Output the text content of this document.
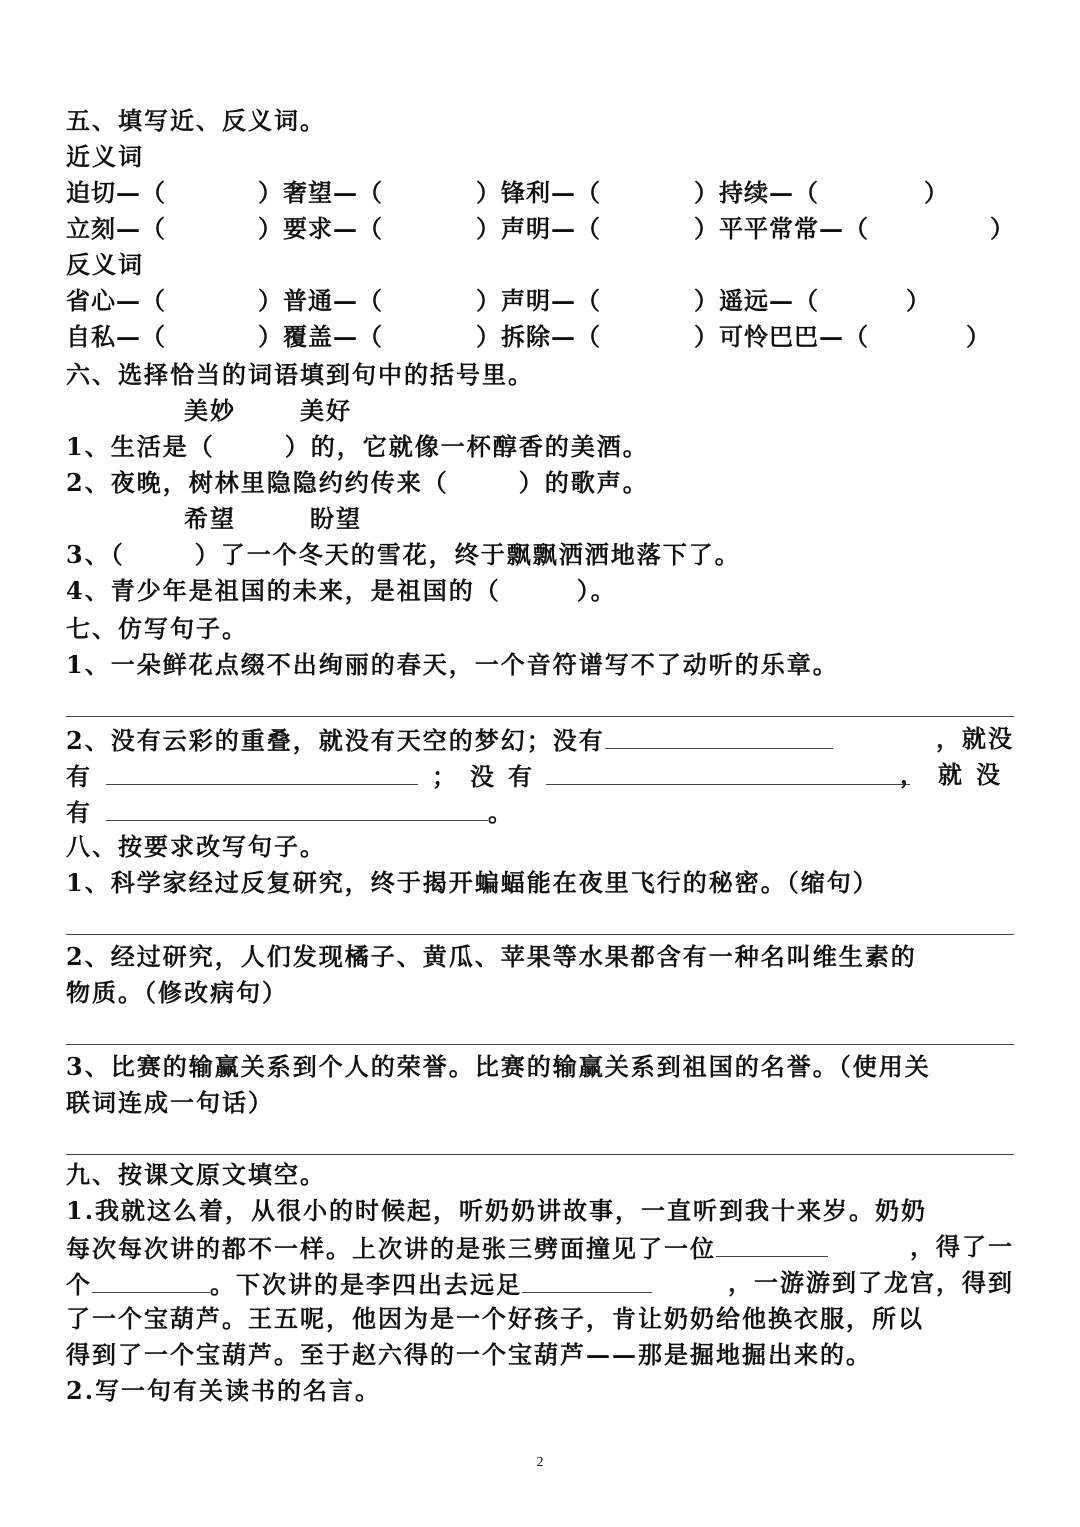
五、填写近、反义词。
近义词
迫切—（	）奢望—（	）锋利—（	）持续—（	）
立刻—（	）要求—（	）声明—（	）平平常常—（	）
反义词
省心—（	）普通—（	）声明—（	）遥远—（	）
自私—（	）覆盖—（	）拆除—（	）可怜巴巴—（	）
六、选择恰当的词语填到句中的括号里。
美妙	美好
1、生活是（	）的，它就像一杯醇香的美酒。
2、夜晚，树林里隐隐约约传来（	）的歌声。
希望	盼望
3、（	）了一个冬天的雪花，终于飘飘洒洒地落下了。
4、青少年是祖国的未来，是祖国的（	）。
七、仿写句子。
1、一朵鲜花点缀不出绚丽的春天，一个音符谱写不了动听的乐章。
2、没有云彩的重叠，就没有天空的梦幻；没有	，就没
有	；没有	，就没
有	。
八、按要求改写句子。
1、科学家经过反复研究，终于揭开蝙蝠能在夜里飞行的秘密。（缩句）
2、经过研究，人们发现橘子、黄瓜、苹果等水果都含有一种名叫维生素的
物质。（修改病句）
3、比赛的输赢关系到个人的荣誉。比赛的输赢关系到祖国的名誉。（使用关
联词连成一句话）
九、按课文原文填空。
1.我就这么着，从很小的时候起，听奶奶讲故事，一直听到我十来岁。奶奶
每次每次讲的都不一样。上次讲的是张三劈面撞见了一位	，得了一
个	。下次讲的是李四出去远足	，一游游到了龙宫，得到
了一个宝葫芦。王五呢，他因为是一个好孩子，肯让奶奶给他换衣服，所以
得到了一个宝葫芦。至于赵六得的一个宝葫芦——那是掘地掘出来的。
2.写一句有关读书的名言。
2
